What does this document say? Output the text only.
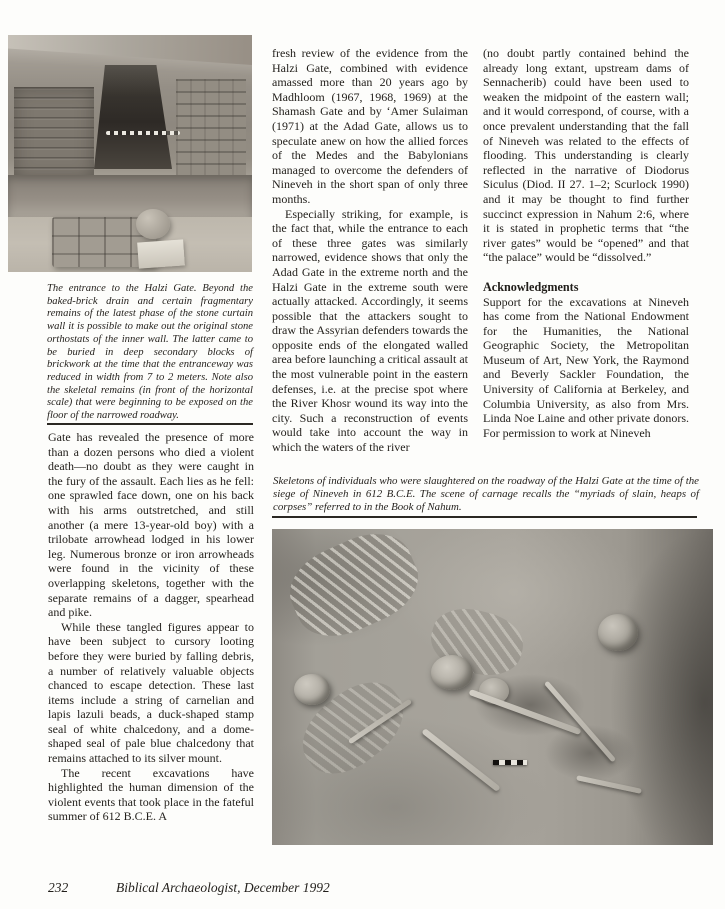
The entrance to the Halzi Gate. Beyond the baked-brick drain and certain fragmentary remains of the latest phase of the stone curtain wall it is possible to make out the original stone orthostats of the inner wall. The latter came to be buried in deep secondary blocks of brickwork at the time that the entranceway was reduced in width from 7 to 2 meters. Note also the skeletal remains (in front of the horizontal scale) that were beginning to be exposed on the floor of the narrowed roadway.

Gate has revealed the presence of more than a dozen persons who died a violent death—no doubt as they were caught in the fury of the assault. Each lies as he fell: one sprawled face down, one on his back with his arms outstretched, and still another (a mere 13-year-old boy) with a trilobate arrowhead lodged in his lower leg. Numerous bronze or iron arrowheads were found in the vicinity of these overlapping skeletons, together with the separate remains of a dagger, spearhead and pike.

While these tangled figures appear to have been subject to cursory looting before they were buried by falling debris, a number of relatively valuable objects chanced to escape detection. These last items include a string of carnelian and lapis lazuli beads, a duck-shaped stamp seal of white chalcedony, and a dome-shaped seal of pale blue chalcedony that remains attached to its silver mount.

The recent excavations have highlighted the human dimension of the violent events that took place in the fateful summer of 612 B.C.E. A

fresh review of the evidence from the Halzi Gate, combined with evidence amassed more than 20 years ago by Madhloom (1967, 1968, 1969) at the Shamash Gate and by ‘Amer Sulaiman (1971) at the Adad Gate, allows us to speculate anew on how the allied forces of the Medes and the Babylonians managed to overcome the defenders of Nineveh in the short span of only three months.

Especially striking, for example, is the fact that, while the entrance to each of these three gates was similarly narrowed, evidence shows that only the Adad Gate in the extreme north and the Halzi Gate in the extreme south were actually attacked. Accordingly, it seems possible that the attackers sought to draw the Assyrian defenders towards the opposite ends of the elongated walled area before launching a critical assault at the most vulnerable point in the eastern defenses, i.e. at the precise spot where the River Khosr wound its way into the city. Such a reconstruction of events would take into account the way in which the waters of the river

(no doubt partly contained behind the already long extant, upstream dams of Sennacherib) could have been used to weaken the midpoint of the eastern wall; and it would correspond, of course, with a once prevalent understanding that the fall of Nineveh was related to the effects of flooding. This understanding is clearly reflected in the narrative of Diodorus Siculus (Diod. II 27. 1–2; Scurlock 1990) and it may be thought to find further succinct expression in Nahum 2:6, where it is stated in prophetic terms that “the river gates” would be “opened” and that “the palace” would be “dissolved.”

Acknowledgments

Support for the excavations at Nineveh has come from the National Endowment for the Humanities, the National Geographic Society, the Metropolitan Museum of Art, New York, the Raymond and Beverly Sackler Foundation, the University of California at Berkeley, and Columbia University, as also from Mrs. Linda Noe Laine and other private donors. For permission to work at Nineveh

Skeletons of individuals who were slaughtered on the roadway of the Halzi Gate at the time of the siege of Nineveh in 612 B.C.E. The scene of carnage recalls the “myriads of slain, heaps of corpses” referred to in the Book of Nahum.
232	Biblical Archaeologist, December 1992
